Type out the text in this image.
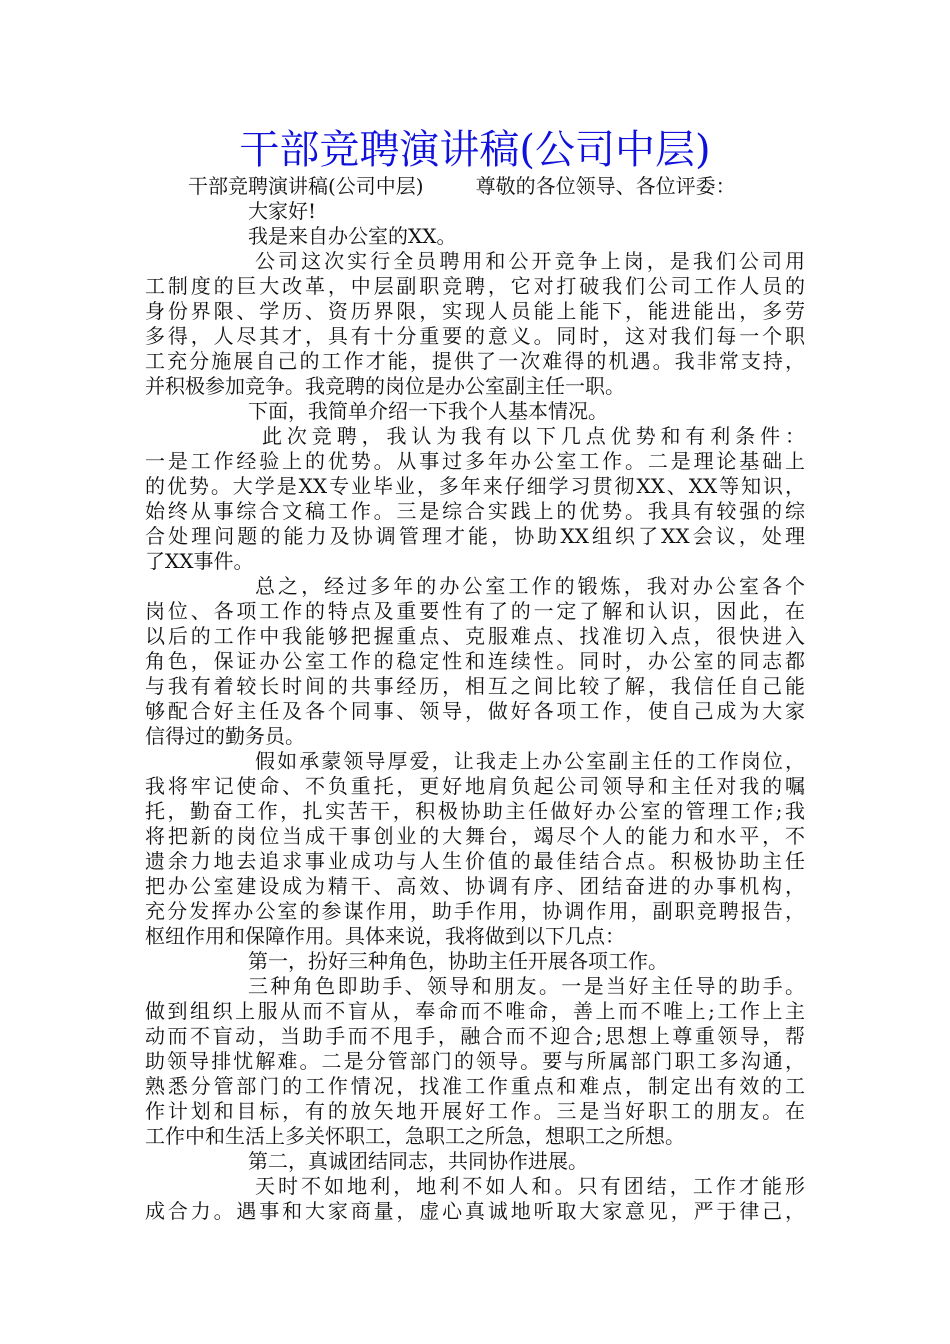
干部竞聘演讲稿(公司中层)
干部竞聘演讲稿(公司中层)	尊敬的各位领导、各位评委：
大家好!
我是来自办公室的XX。
公司这次实行全员聘用和公开竞争上岗，是我们公司用
工制度的巨大改革，中层副职竞聘，它对打破我们公司工作人员的
身份界限、学历、资历界限，实现人员能上能下，能进能出，多劳
多得，人尽其才，具有十分重要的意义。同时，这对我们每一个职
工充分施展自己的工作才能，提供了一次难得的机遇。我非常支持，
并积极参加竞争。我竞聘的岗位是办公室副主任一职。
下面，我简单介绍一下我个人基本情况。
此次竞聘，我认为我有以下几点优势和有利条件：
一是工作经验上的优势。从事过多年办公室工作。二是理论基础上
的优势。大学是XX专业毕业，多年来仔细学习贯彻XX、XX等知识，
始终从事综合文稿工作。三是综合实践上的优势。我具有较强的综
合处理问题的能力及协调管理才能，协助XX组织了XX会议，处理
了XX事件。
总之，经过多年的办公室工作的锻炼，我对办公室各个
岗位、各项工作的特点及重要性有了的一定了解和认识，因此，在
以后的工作中我能够把握重点、克服难点、找准切入点，很快进入
角色，保证办公室工作的稳定性和连续性。同时，办公室的同志都
与我有着较长时间的共事经历，相互之间比较了解，我信任自己能
够配合好主任及各个同事、领导，做好各项工作，使自己成为大家
信得过的勤务员。
假如承蒙领导厚爱，让我走上办公室副主任的工作岗位，
我将牢记使命、不负重托，更好地肩负起公司领导和主任对我的嘱
托，勤奋工作，扎实苦干，积极协助主任做好办公室的管理工作;我
将把新的岗位当成干事创业的大舞台，竭尽个人的能力和水平，不
遗余力地去追求事业成功与人生价值的最佳结合点。积极协助主任
把办公室建设成为精干、高效、协调有序、团结奋进的办事机构，
充分发挥办公室的参谋作用，助手作用，协调作用，副职竞聘报告，
枢纽作用和保障作用。具体来说，我将做到以下几点：
第一，扮好三种角色，协助主任开展各项工作。
三种角色即助手、领导和朋友。一是当好主任导的助手。
做到组织上服从而不盲从，奉命而不唯命，善上而不唯上;工作上主
动而不盲动，当助手而不甩手，融合而不迎合;思想上尊重领导，帮
助领导排忧解难。二是分管部门的领导。要与所属部门职工多沟通，
熟悉分管部门的工作情况，找准工作重点和难点，制定出有效的工
作计划和目标，有的放矢地开展好工作。三是当好职工的朋友。在
工作中和生活上多关怀职工，急职工之所急，想职工之所想。
第二，真诚团结同志，共同协作进展。
天时不如地利，地利不如人和。只有团结，工作才能形
成合力。遇事和大家商量，虚心真诚地听取大家意见，严于律己，
